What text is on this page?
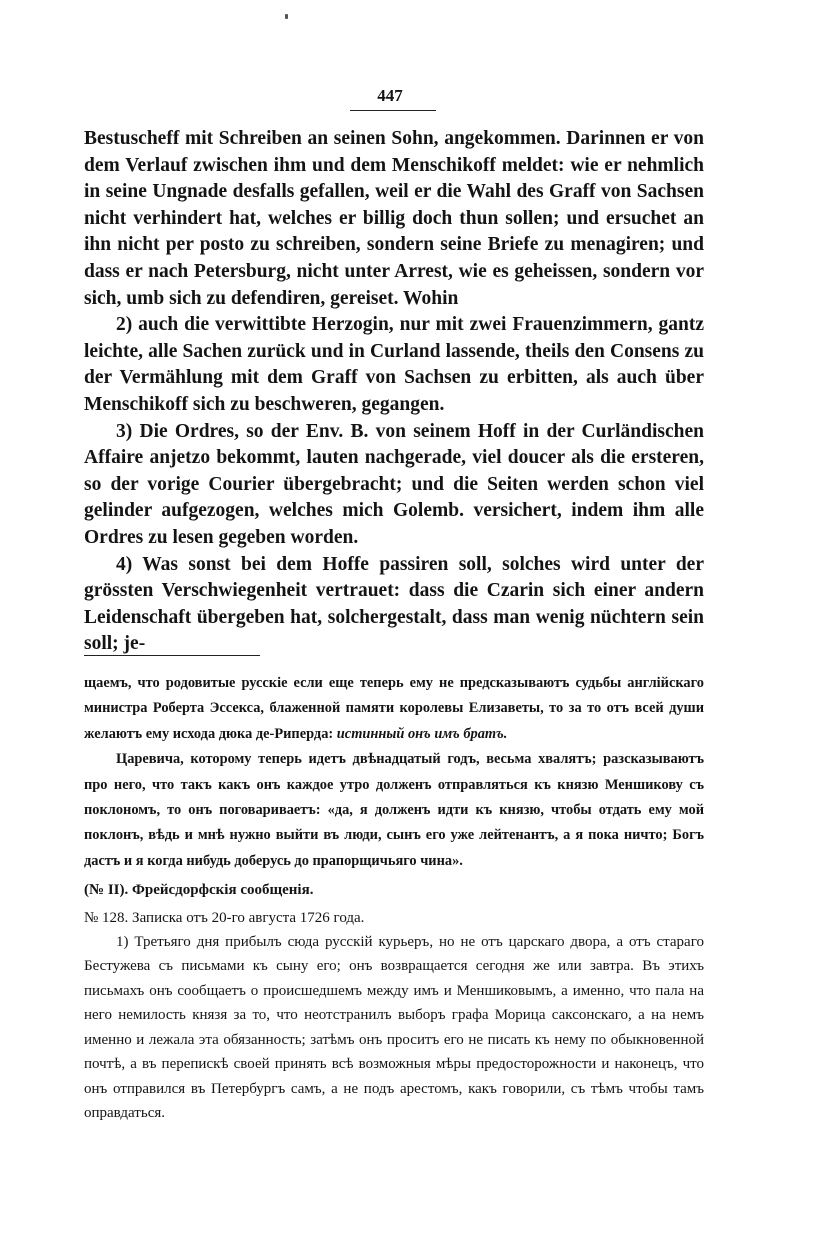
447

Bestuscheff mit Schreiben an seinen Sohn, angekommen. Darinnen er von dem Verlauf zwischen ihm und dem Menschikoff meldet: wie er nehmlich in seine Ungnade desfalls gefallen, weil er die Wahl des Graff von Sachsen nicht verhindert hat, welches er billig doch thun sollen; und ersuchet an ihn nicht per posto zu schreiben, sondern seine Briefe zu menagiren; und dass er nach Petersburg, nicht unter Arrest, wie es geheissen, sondern vor sich, umb sich zu defendiren, gereiset. Wohin

2) auch die verwittibte Herzogin, nur mit zwei Frauenzimmern, gantz leichte, alle Sachen zurück und in Curland lassende, theils den Consens zu der Vermählung mit dem Graff von Sachsen zu erbitten, als auch über Menschikoff sich zu beschweren, gegangen.

3) Die Ordres, so der Env. B. von seinem Hoff in der Curländischen Affaire anjetzo bekommt, lauten nachgerade, viel doucer als die ersteren, so der vorige Courier übergebracht; und die Seiten werden schon viel gelinder aufgezogen, welches mich Golemb. versichert, indem ihm alle Ordres zu lesen gegeben worden.

4) Was sonst bei dem Hoffe passiren soll, solches wird unter der grössten Verschwiegenheit vertrauet: dass die Czarin sich einer andern Leidenschaft übergeben hat, solchergestalt, dass man wenig nüchtern sein soll; je-

щаемъ, что родовитые русскіе если еще теперь ему не предсказываютъ судьбы англійскаго министра Роберта Эссекса, блаженной памяти королевы Елизаветы, то за то отъ всей души желаютъ ему исхода дюка де-Риперда: истинный онъ имъ братъ.

Царевича, которому теперь идетъ двѣнадцатый годъ, весьма хвалятъ; разсказываютъ про него, что такъ какъ онъ каждое утро долженъ отправляться къ князю Меншикову съ поклономъ, то онъ поговариваетъ: «да, я долженъ идти къ князю, чтобы отдать ему мой поклонъ, вѣдь и мнѣ нужно выйти въ люди, сынъ его уже лейтенантъ, а я пока ничто; Богъ дастъ и я когда нибудь доберусь до прапорщичьяго чина».

(№ II). Фрейсдорфскія сообщенія.

№ 128. Записка отъ 20-го августа 1726 года.

1) Третьяго дня прибылъ сюда русскій курьеръ, но не отъ царскаго двора, а отъ стараго Бестужева съ письмами къ сыну его; онъ возвращается сегодня же или завтра. Въ этихъ письмахъ онъ сообщаетъ о происшедшемъ между имъ и Меншиковымъ, а именно, что пала на него немилость князя за то, что неотстранилъ выборъ графа Морица саксонскаго, а на немъ именно и лежала эта обязанность; затѣмъ онъ проситъ его не писать къ нему по обыкновенной почтѣ, а въ перепискѣ своей принять всѣ возможныя мѣры предосторожности и наконецъ, что онъ отправился въ Петербургъ самъ, а не подъ арестомъ, какъ говорили, съ тѣмъ чтобы тамъ оправдаться.
